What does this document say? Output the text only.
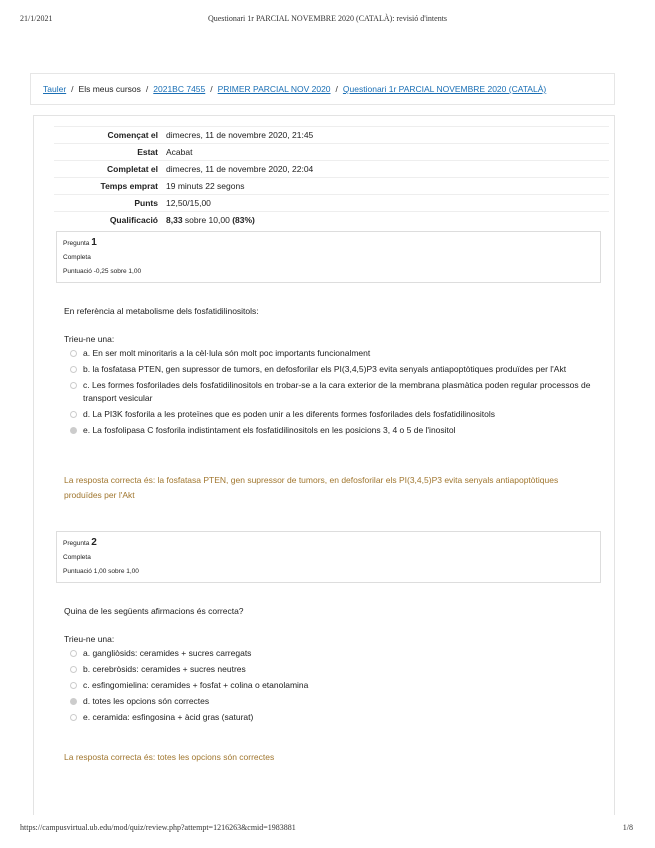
21/1/2021	Questionari 1r PARCIAL NOVEMBRE 2020 (CATALÀ): revisió d'intents
Tauler / Els meus cursos / 2021BC 7455 / PRIMER PARCIAL NOV 2020 / Questionari 1r PARCIAL NOVEMBRE 2020 (CATALÀ)
Començat el	dimecres, 11 de novembre 2020, 21:45
Estat	Acabat
Completat el	dimecres, 11 de novembre 2020, 22:04
Temps emprat	19 minuts 22 segons
Punts	12,50/15,00
Qualificació	8,33 sobre 10,00 (83%)
Pregunta 1
Completa
Puntuació -0,25 sobre 1,00
En referència al metabolisme dels fosfatidilinositols:
Trieu-ne una:
a. En ser molt minoritaris a la cèl·lula són molt poc importants funcionalment
b. la fosfatasa PTEN, gen supressor de tumors, en defosforilar els PI(3,4,5)P3 evita senyals antiapoptòtiques produïdes per l'Akt
c. Les formes fosforilades dels fosfatidilinositols en trobar-se a la cara exterior de la membrana plasmàtica poden regular processos de transport vesicular
d. La PI3K fosforila a les proteïnes que es poden unir a les diferents formes fosforilades dels fosfatidilinositols
e. La fosfolipasa C fosforila indistintament els fosfatidilinositols en les posicions 3, 4 o 5 de l'inositol
La resposta correcta és: la fosfatasa PTEN, gen supressor de tumors, en defosforilar els PI(3,4,5)P3 evita senyals antiapoptòtiques produïdes per l'Akt
Pregunta 2
Completa
Puntuació 1,00 sobre 1,00
Quina de les següents afirmacions és correcta?
Trieu-ne una:
a. gangliòsids: ceramides + sucres carregats
b. cerebròsids: ceramides + sucres neutres
c. esfingomielina: ceramides + fosfat + colina o etanolamina
d. totes les opcions són correctes
e. ceramida: esfingosina + àcid gras (saturat)
La resposta correcta és: totes les opcions són correctes
https://campusvirtual.ub.edu/mod/quiz/review.php?attempt=1216263&cmid=1983881	1/8
